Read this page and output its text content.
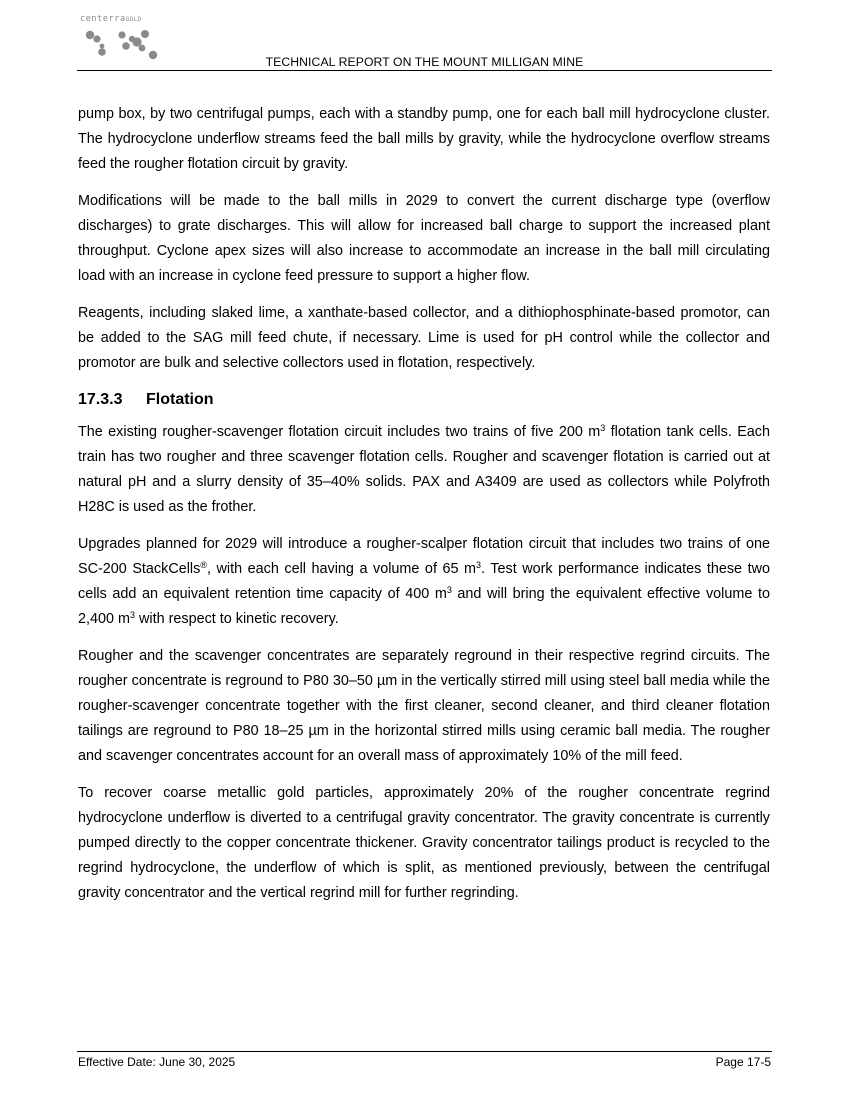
centerraGOLD
TECHNICAL REPORT ON THE MOUNT MILLIGAN MINE

pump box, by two centrifugal pumps, each with a standby pump, one for each ball mill hydrocyclone cluster. The hydrocyclone underflow streams feed the ball mills by gravity, while the hydrocyclone overflow streams feed the rougher flotation circuit by gravity.

Modifications will be made to the ball mills in 2029 to convert the current discharge type (overflow discharges) to grate discharges. This will allow for increased ball charge to support the increased plant throughput. Cyclone apex sizes will also increase to accommodate an increase in the ball mill circulating load with an increase in cyclone feed pressure to support a higher flow.

Reagents, including slaked lime, a xanthate-based collector, and a dithiophosphinate-based promotor, can be added to the SAG mill feed chute, if necessary. Lime is used for pH control while the collector and promotor are bulk and selective collectors used in flotation, respectively.

17.3.3 Flotation

The existing rougher-scavenger flotation circuit includes two trains of five 200 $m^3$ flotation tank cells. Each train has two rougher and three scavenger flotation cells. Rougher and scavenger flotation is carried out at natural pH and a slurry density of 35–40% solids. PAX and A3409 are used as collectors while Polyfroth H28C is used as the frother.

Upgrades planned for 2029 will introduce a rougher-scalper flotation circuit that includes two trains of one SC-200 StackCells®, with each cell having a volume of 65 $m^3$. Test work performance indicates these two cells add an equivalent retention time capacity of 400 $m^3$ and will bring the equivalent effective volume to 2,400 $m^3$ with respect to kinetic recovery.

Rougher and the scavenger concentrates are separately reground in their respective regrind circuits. The rougher concentrate is reground to P80 30–50 µm in the vertically stirred mill using steel ball media while the rougher-scavenger concentrate together with the first cleaner, second cleaner, and third cleaner flotation tailings are reground to P80 18–25 µm in the horizontal stirred mills using ceramic ball media. The rougher and scavenger concentrates account for an overall mass of approximately 10% of the mill feed.

To recover coarse metallic gold particles, approximately 20% of the rougher concentrate regrind hydrocyclone underflow is diverted to a centrifugal gravity concentrator. The gravity concentrate is currently pumped directly to the copper concentrate thickener. Gravity concentrator tailings product is recycled to the regrind hydrocyclone, the underflow of which is split, as mentioned previously, between the centrifugal gravity concentrator and the vertical regrind mill for further regrinding.

Effective Date: June 30, 2025	Page 17-5
